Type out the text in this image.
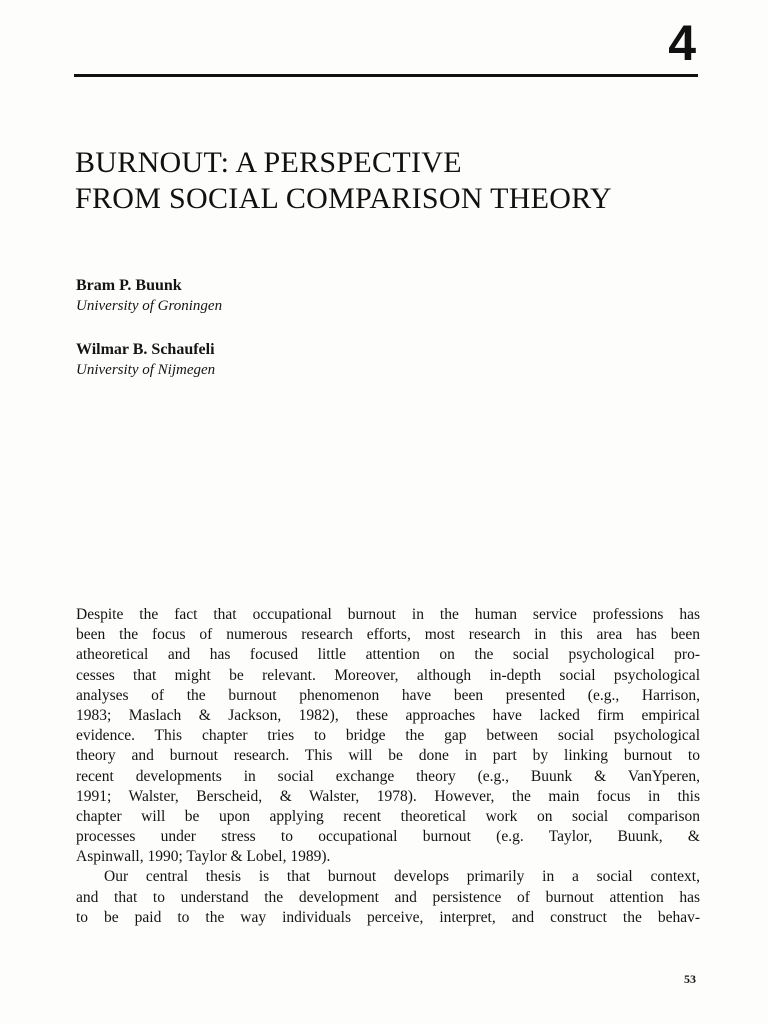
4
BURNOUT: A PERSPECTIVE
FROM SOCIAL COMPARISON THEORY
Bram P. Buunk
University of Groningen
Wilmar B. Schaufeli
University of Nijmegen
Despite the fact that occupational burnout in the human service professions has
been the focus of numerous research efforts, most research in this area has been
atheoretical and has focused little attention on the social psychological pro-
cesses that might be relevant. Moreover, although in-depth social psychological
analyses of the burnout phenomenon have been presented (e.g., Harrison,
1983; Maslach & Jackson, 1982), these approaches have lacked firm empirical
evidence. This chapter tries to bridge the gap between social psychological
theory and burnout research. This will be done in part by linking burnout to
recent developments in social exchange theory (e.g., Buunk & VanYperen,
1991; Walster, Berscheid, & Walster, 1978). However, the main focus in this
chapter will be upon applying recent theoretical work on social comparison
processes under stress to occupational burnout (e.g. Taylor, Buunk, &
Aspinwall, 1990; Taylor & Lobel, 1989).
Our central thesis is that burnout develops primarily in a social context,
and that to understand the development and persistence of burnout attention has
to be paid to the way individuals perceive, interpret, and construct the behav-
53
